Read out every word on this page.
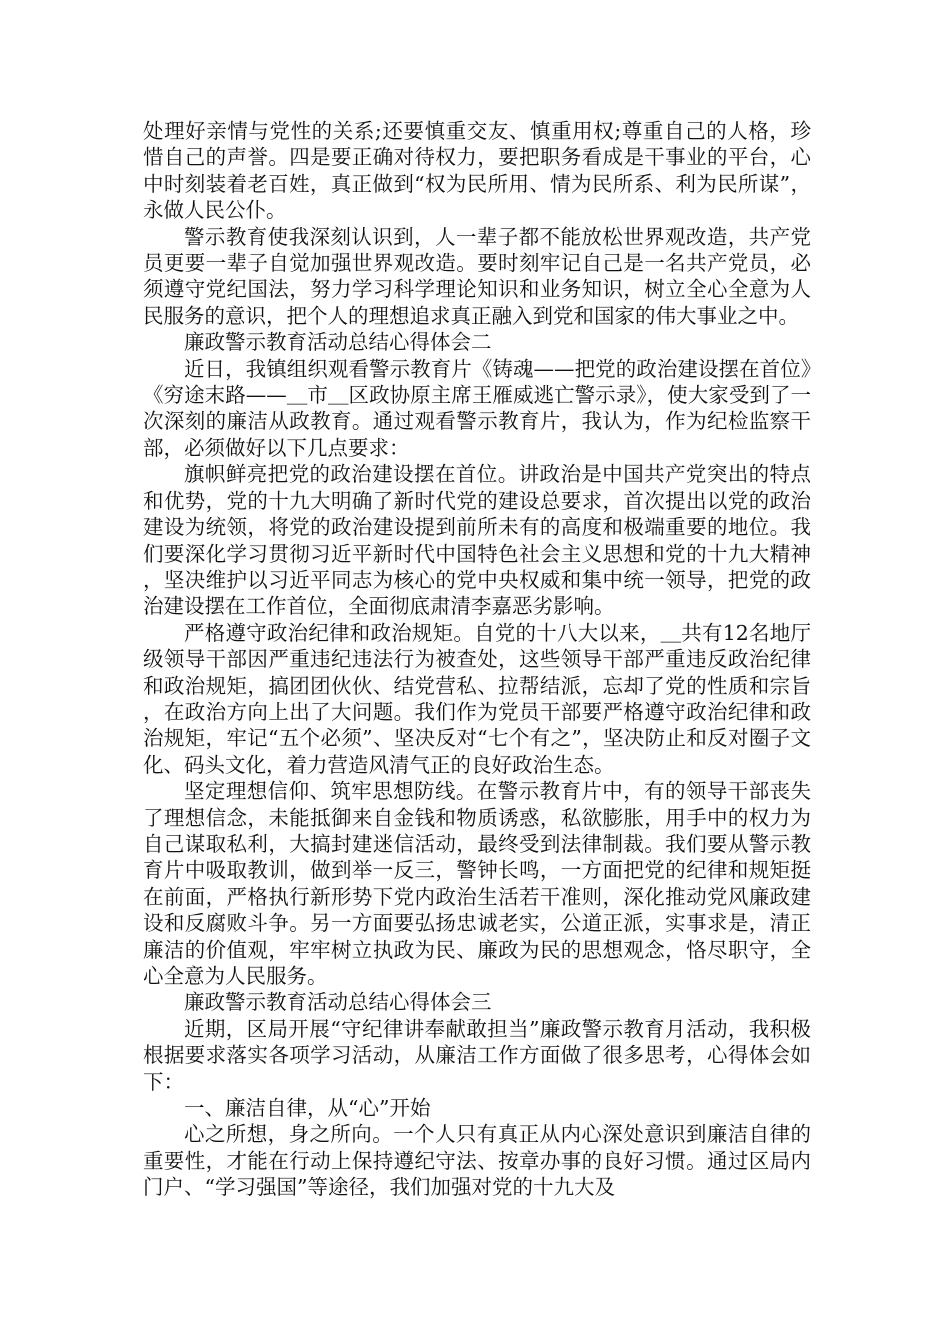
处理好亲情与党性的关系;还要慎重交友、慎重用权;尊重自己的人格，珍惜自己的声誉。四是要正确对待权力，要把职务看成是干事业的平台，心中时刻装着老百姓，真正做到“权为民所用、情为民所系、利为民所谋”，永做人民公仆。

警示教育使我深刻认识到，人一辈子都不能放松世界观改造，共产党员更要一辈子自觉加强世界观改造。要时刻牢记自己是一名共产党员，必须遵守党纪国法，努力学习科学理论知识和业务知识，树立全心全意为人民服务的意识，把个人的理想追求真正融入到党和国家的伟大事业之中。

廉政警示教育活动总结心得体会二

近日，我镇组织观看警示教育片《铸魂——把党的政治建设摆在首位》《穷途末路——＿市＿区政协原主席王雁威逃亡警示录》，使大家受到了一次深刻的廉洁从政教育。通过观看警示教育片，我认为，作为纪检监察干部，必须做好以下几点要求：

旗帜鲜亮把党的政治建设摆在首位。讲政治是中国共产党突出的特点和优势，党的十九大明确了新时代党的建设总要求，首次提出以党的政治建设为统领，将党的政治建设提到前所未有的高度和极端重要的地位。我们要深化学习贯彻习近平新时代中国特色社会主义思想和党的十九大精神，坚决维护以习近平同志为核心的党中央权威和集中统一领导，把党的政治建设摆在工作首位，全面彻底肃清李嘉恶劣影响。

严格遵守政治纪律和政治规矩。自党的十八大以来，＿共有12名地厅级领导干部因严重违纪违法行为被查处，这些领导干部严重违反政治纪律和政治规矩，搞团团伙伙、结党营私、拉帮结派，忘却了党的性质和宗旨，在政治方向上出了大问题。我们作为党员干部要严格遵守政治纪律和政治规矩，牢记“五个必须”、坚决反对“七个有之”，坚决防止和反对圈子文化、码头文化，着力营造风清气正的良好政治生态。

坚定理想信仰、筑牢思想防线。在警示教育片中，有的领导干部丧失了理想信念，未能抵御来自金钱和物质诱惑，私欲膨胀，用手中的权力为自己谋取私利，大搞封建迷信活动，最终受到法律制裁。我们要从警示教育片中吸取教训，做到举一反三，警钟长鸣，一方面把党的纪律和规矩挺在前面，严格执行新形势下党内政治生活若干准则，深化推动党风廉政建设和反腐败斗争。另一方面要弘扬忠诚老实，公道正派，实事求是，清正廉洁的价值观，牢牢树立执政为民、廉政为民的思想观念，恪尽职守，全心全意为人民服务。

廉政警示教育活动总结心得体会三

近期，区局开展“守纪律讲奉献敢担当”廉政警示教育月活动，我积极根据要求落实各项学习活动，从廉洁工作方面做了很多思考，心得体会如下：

一、廉洁自律，从“心”开始

心之所想，身之所向。一个人只有真正从内心深处意识到廉洁自律的重要性，才能在行动上保持遵纪守法、按章办事的良好习惯。通过区局内门户、“学习强国”等途径，我们加强对党的十九大及
